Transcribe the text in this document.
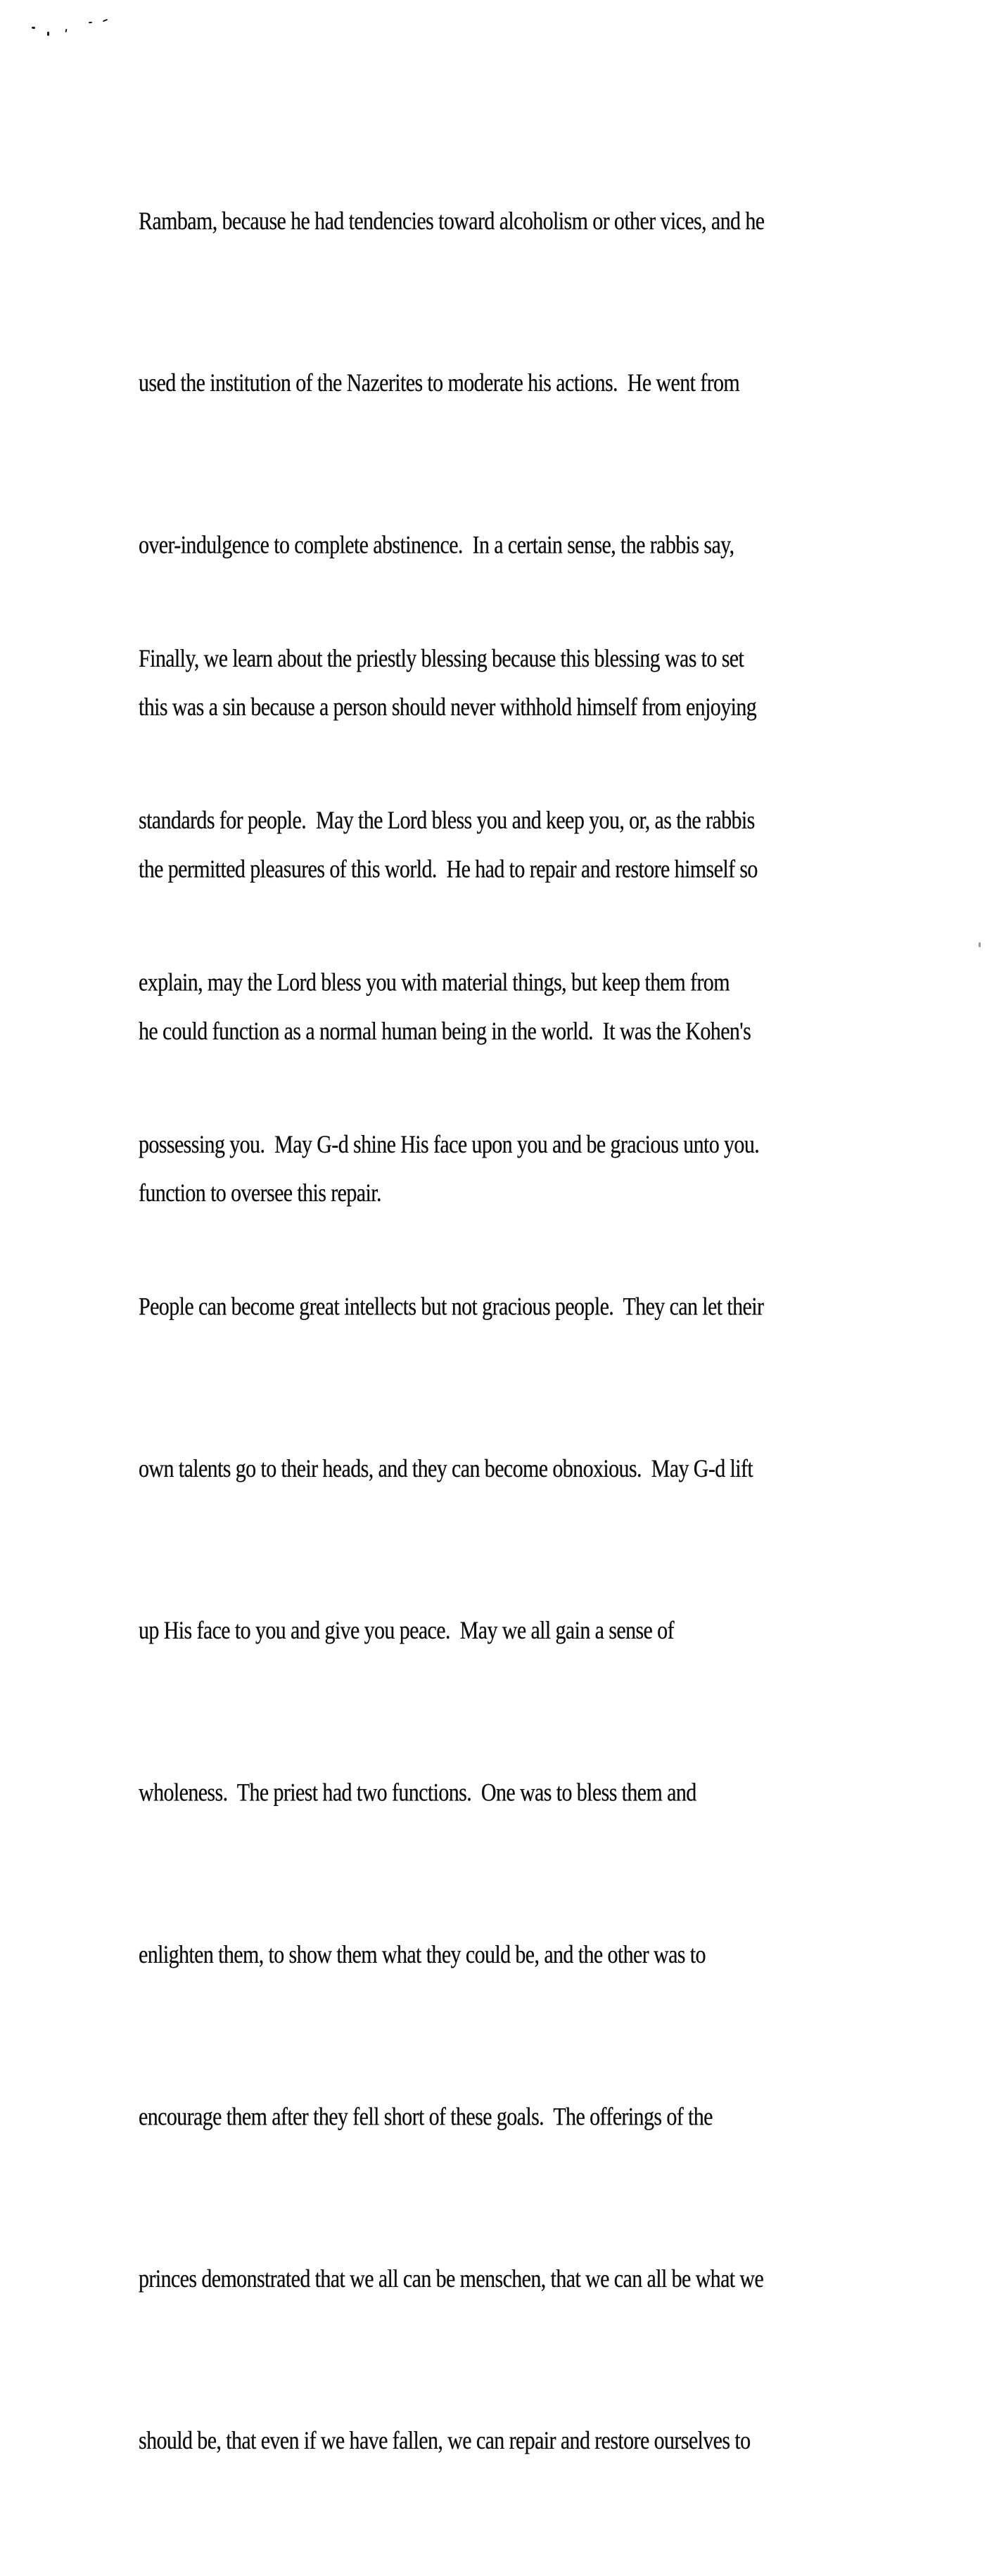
Rambam, because he had tendencies toward alcoholism or other vices, and he

used the institution of the Nazerites to moderate his actions.  He went from

over-indulgence to complete abstinence.  In a certain sense, the rabbis say,

this was a sin because a person should never withhold himself from enjoying

the permitted pleasures of this world.  He had to repair and restore himself so

he could function as a normal human being in the world.  It was the Kohen's

function to oversee this repair.

Finally, we learn about the priestly blessing because this blessing was to set

standards for people.  May the Lord bless you and keep you, or, as the rabbis

explain, may the Lord bless you with material things, but keep them from

possessing you.  May G-d shine His face upon you and be gracious unto you.

People can become great intellects but not gracious people.  They can let their

own talents go to their heads, and they can become obnoxious.  May G-d lift

up His face to you and give you peace.  May we all gain a sense of

wholeness.  The priest had two functions.  One was to bless them and

enlighten them, to show them what they could be, and the other was to

encourage them after they fell short of these goals.  The offerings of the

princes demonstrated that we all can be menschen, that we can all be what we

should be, that even if we have fallen, we can repair and restore ourselves to
